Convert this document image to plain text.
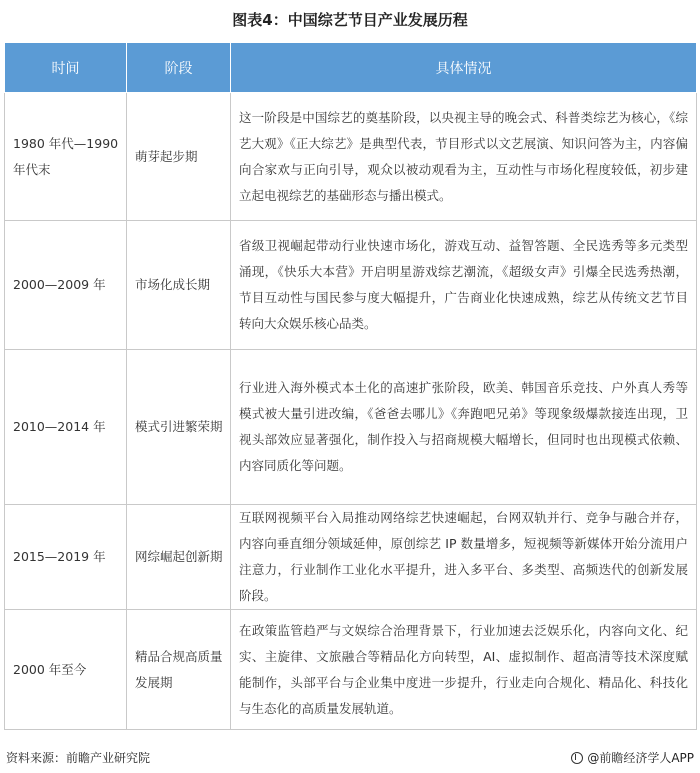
图表4：中国综艺节目产业发展历程
时间	阶段	具体情况
1980 年代—1990 年代末	萌芽起步期	这一阶段是中国综艺的奠基阶段，以央视主导的晚会式、科普类综艺为核心，《综艺大观》《正大综艺》是典型代表，节目形式以文艺展演、知识问答为主，内容偏向合家欢与正向引导，观众以被动观看为主，互动性与市场化程度较低，初步建立起电视综艺的基础形态与播出模式。
2000—2009 年	市场化成长期	省级卫视崛起带动行业快速市场化，游戏互动、益智答题、全民选秀等多元类型涌现，《快乐大本营》开启明星游戏综艺潮流，《超级女声》引爆全民选秀热潮，节目互动性与国民参与度大幅提升，广告商业化快速成熟，综艺从传统文艺节目转向大众娱乐核心品类。
2010—2014 年	模式引进繁荣期	行业进入海外模式本土化的高速扩张阶段，欧美、韩国音乐竞技、户外真人秀等模式被大量引进改编，《爸爸去哪儿》《奔跑吧兄弟》等现象级爆款接连出现，卫视头部效应显著强化，制作投入与招商规模大幅增长，但同时也出现模式依赖、内容同质化等问题。
2015—2019 年	网综崛起创新期	互联网视频平台入局推动网络综艺快速崛起，台网双轨并行、竞争与融合并存，内容向垂直细分领域延伸，原创综艺 IP 数量增多，短视频等新媒体开始分流用户注意力，行业制作工业化水平提升，进入多平台、多类型、高频迭代的创新发展阶段。
2000 年至今	精品合规高质量发展期	在政策监管趋严与文娱综合治理背景下，行业加速去泛娱乐化，内容向文化、纪实、主旋律、文旅融合等精品化方向转型，AI、虚拟制作、超高清等技术深度赋能制作，头部平台与企业集中度进一步提升，行业走向合规化、精品化、科技化与生态化的高质量发展轨道。
资料来源：前瞻产业研究院	@前瞻经济学人APP
